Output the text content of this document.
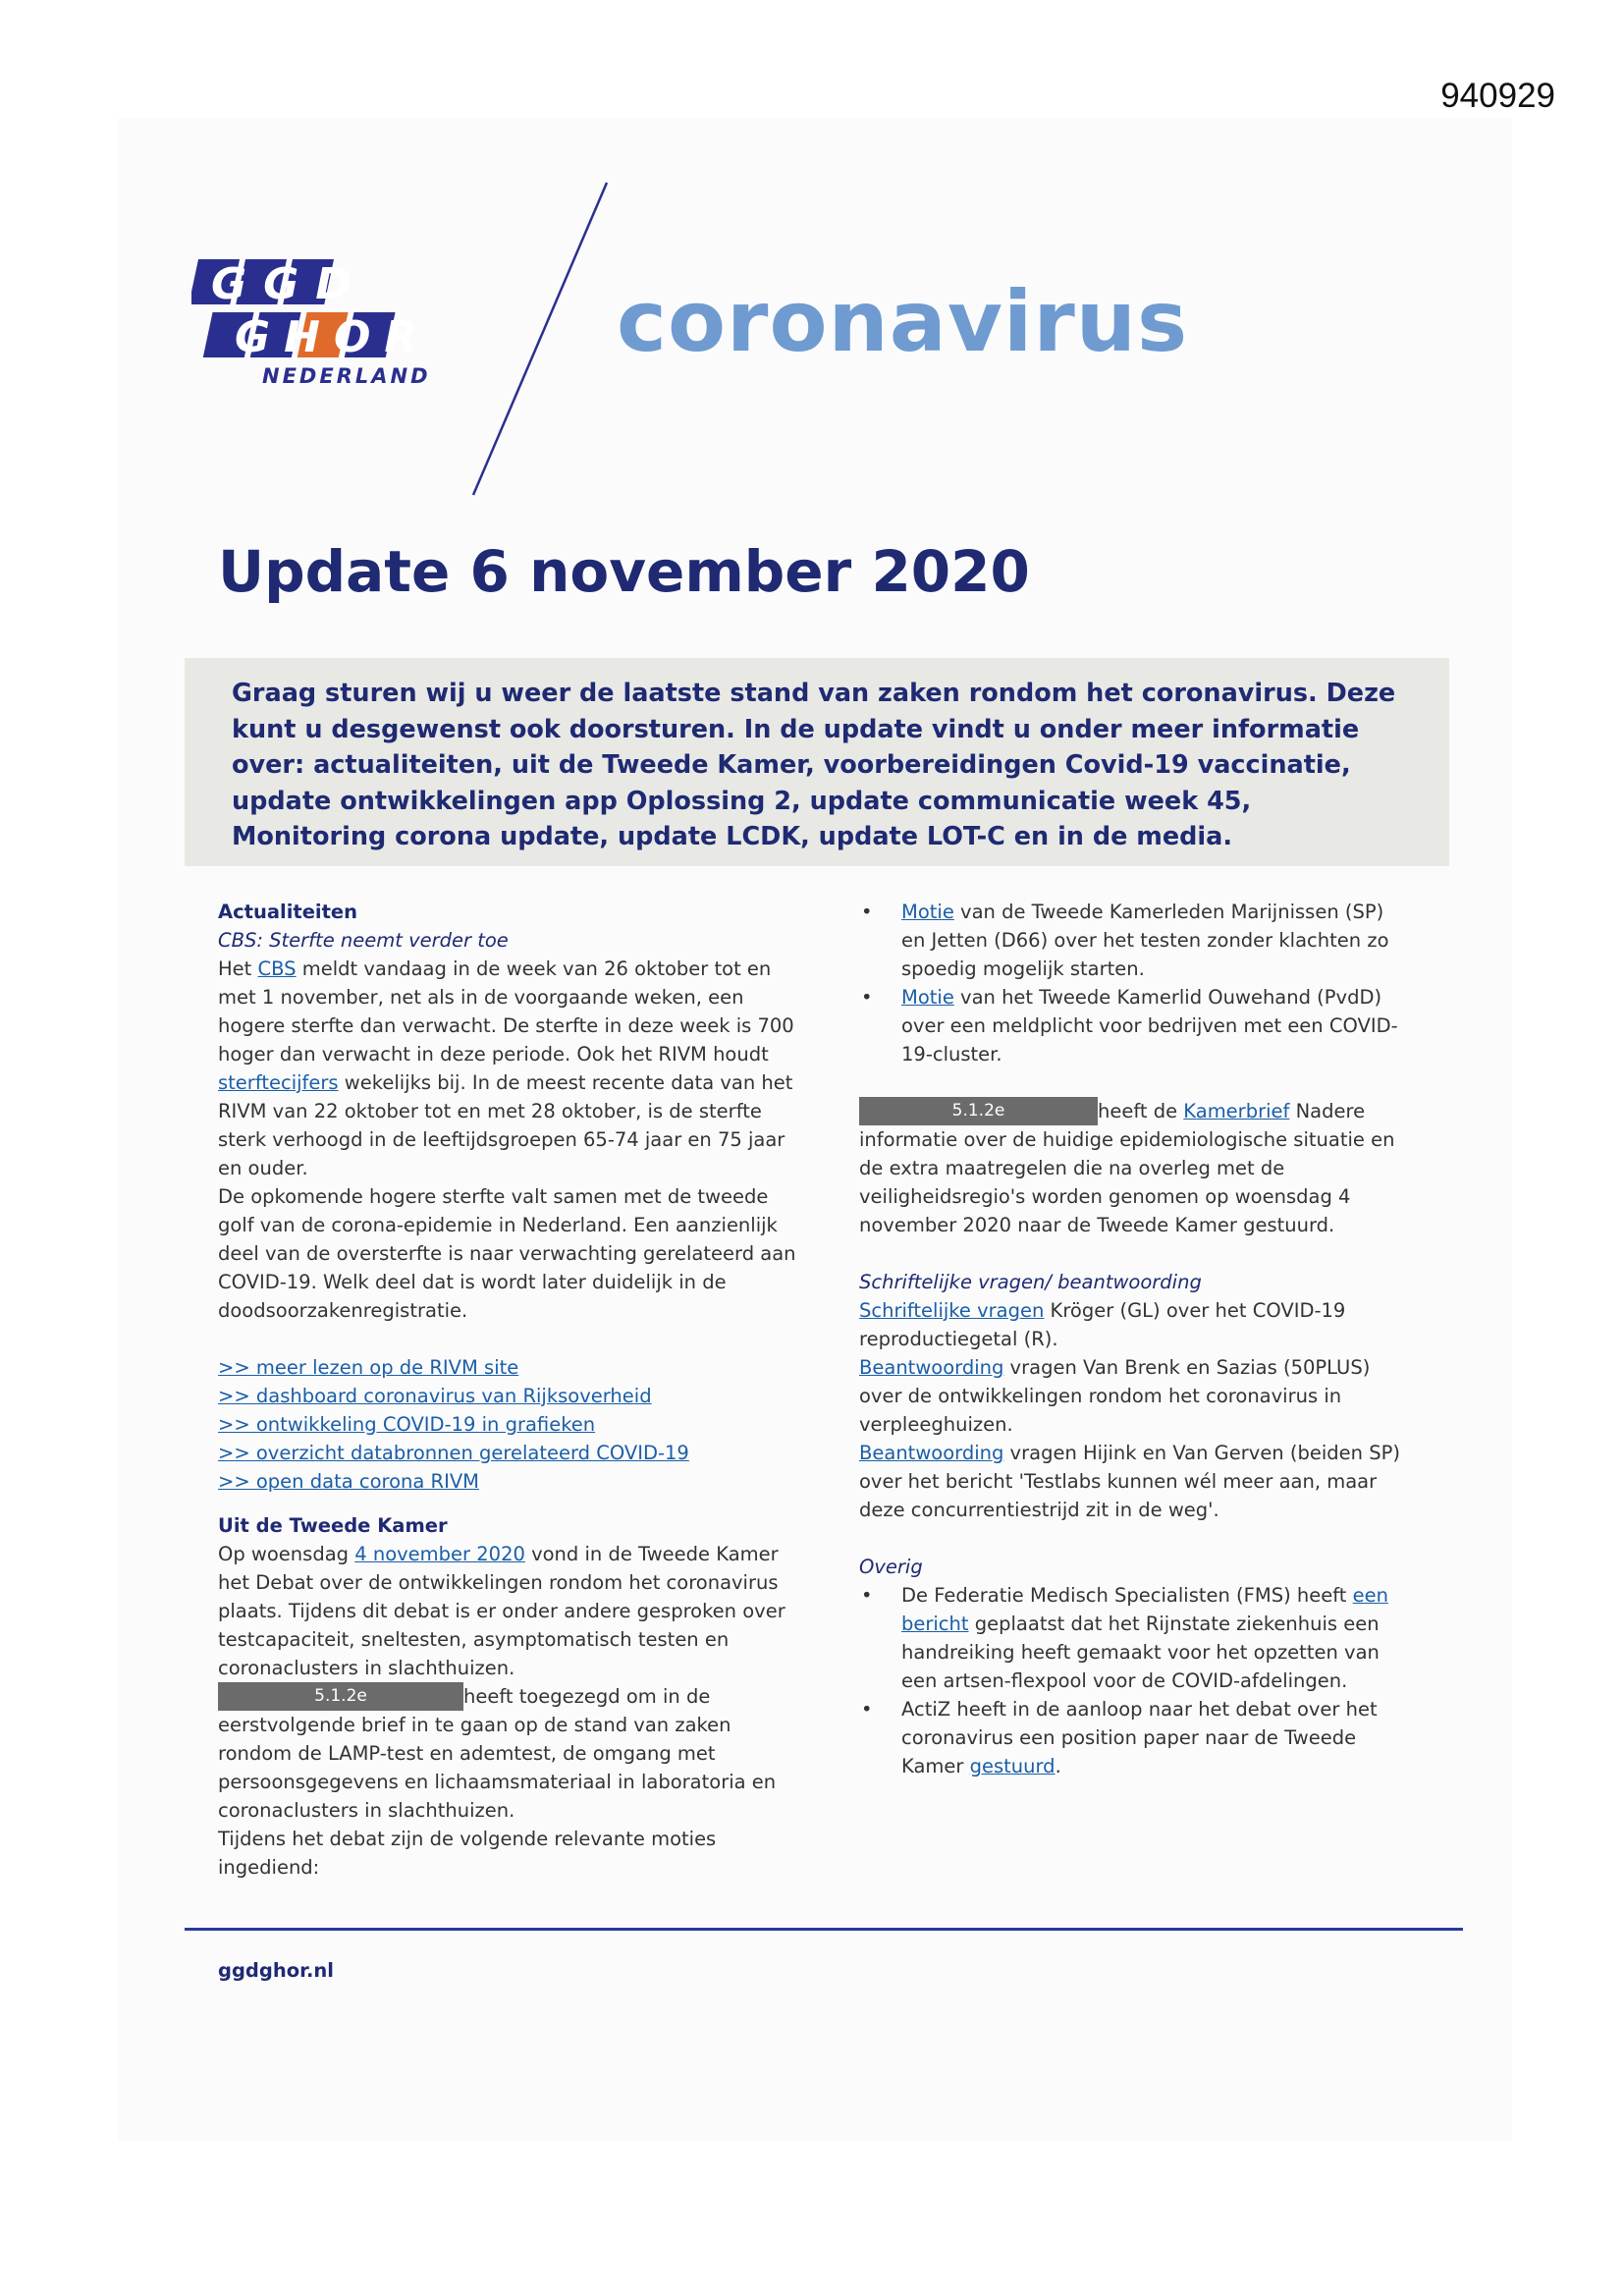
940929
GGD
GHOR
NEDERLAND
coronavirus
Update 6 november 2020

Graag sturen wij u weer de laatste stand van zaken rondom het coronavirus. Deze kunt u desgewenst ook doorsturen. In de update vindt u onder meer informatie over: actualiteiten, uit de Tweede Kamer, voorbereidingen Covid-19 vaccinatie, update ontwikkelingen app Oplossing 2, update communicatie week 45, Monitoring corona update, update LCDK, update LOT-C en in de media.

Actualiteiten

CBS: Sterfte neemt verder toe

Het CBS meldt vandaag in de week van 26 oktober tot en met 1 november, net als in de voorgaande weken, een hogere sterfte dan verwacht. De sterfte in deze week is 700 hoger dan verwacht in deze periode. Ook het RIVM houdt sterftecijfers wekelijks bij. In de meest recente data van het RIVM van 22 oktober tot en met 28 oktober, is de sterfte sterk verhoogd in de leeftijdsgroepen 65-74 jaar en 75 jaar en ouder.

De opkomende hogere sterfte valt samen met de tweede golf van de corona-epidemie in Nederland. Een aanzienlijk deel van de oversterfte is naar verwachting gerelateerd aan COVID-19. Welk deel dat is wordt later duidelijk in de doodsoorzakenregistratie.

>> meer lezen op de RIVM site

>> dashboard coronavirus van Rijksoverheid

>> ontwikkeling COVID-19 in grafieken

>> overzicht databronnen gerelateerd COVID-19

>> open data corona RIVM

Uit de Tweede Kamer

Op woensdag 4 november 2020 vond in de Tweede Kamer het Debat over de ontwikkelingen rondom het coronavirus plaats. Tijdens dit debat is er onder andere gesproken over testcapaciteit, sneltesten, asymptomatisch testen en coronaclusters in slachthuizen.

5.1.2e	heeft toegezegd om in de eerstvolgende brief in te gaan op de stand van zaken rondom de LAMP-test en ademtest, de omgang met persoonsgegevens en lichaamsmateriaal in laboratoria en coronaclusters in slachthuizen.

Tijdens het debat zijn de volgende relevante moties ingediend:

• Motie van de Tweede Kamerleden Marijnissen (SP) en Jetten (D66) over het testen zonder klachten zo spoedig mogelijk starten.
• Motie van het Tweede Kamerlid Ouwehand (PvdD) over een meldplicht voor bedrijven met een COVID-19-cluster.

5.1.2e	heeft de Kamerbrief Nadere informatie over de huidige epidemiologische situatie en de extra maatregelen die na overleg met de veiligheidsregio's worden genomen op woensdag 4 november 2020 naar de Tweede Kamer gestuurd.

Schriftelijke vragen/ beantwoording

Schriftelijke vragen Kröger (GL) over het COVID-19 reproductiegetal (R).

Beantwoording vragen Van Brenk en Sazias (50PLUS) over de ontwikkelingen rondom het coronavirus in verpleeghuizen.

Beantwoording vragen Hijink en Van Gerven (beiden SP) over het bericht 'Testlabs kunnen wél meer aan, maar deze concurrentiestrijd zit in de weg'.

Overig

• De Federatie Medisch Specialisten (FMS) heeft een bericht geplaatst dat het Rijnstate ziekenhuis een handreiking heeft gemaakt voor het opzetten van een artsen-flexpool voor de COVID-afdelingen.
• ActiZ heeft in de aanloop naar het debat over het coronavirus een position paper naar de Tweede Kamer gestuurd.
ggdghor.nl
